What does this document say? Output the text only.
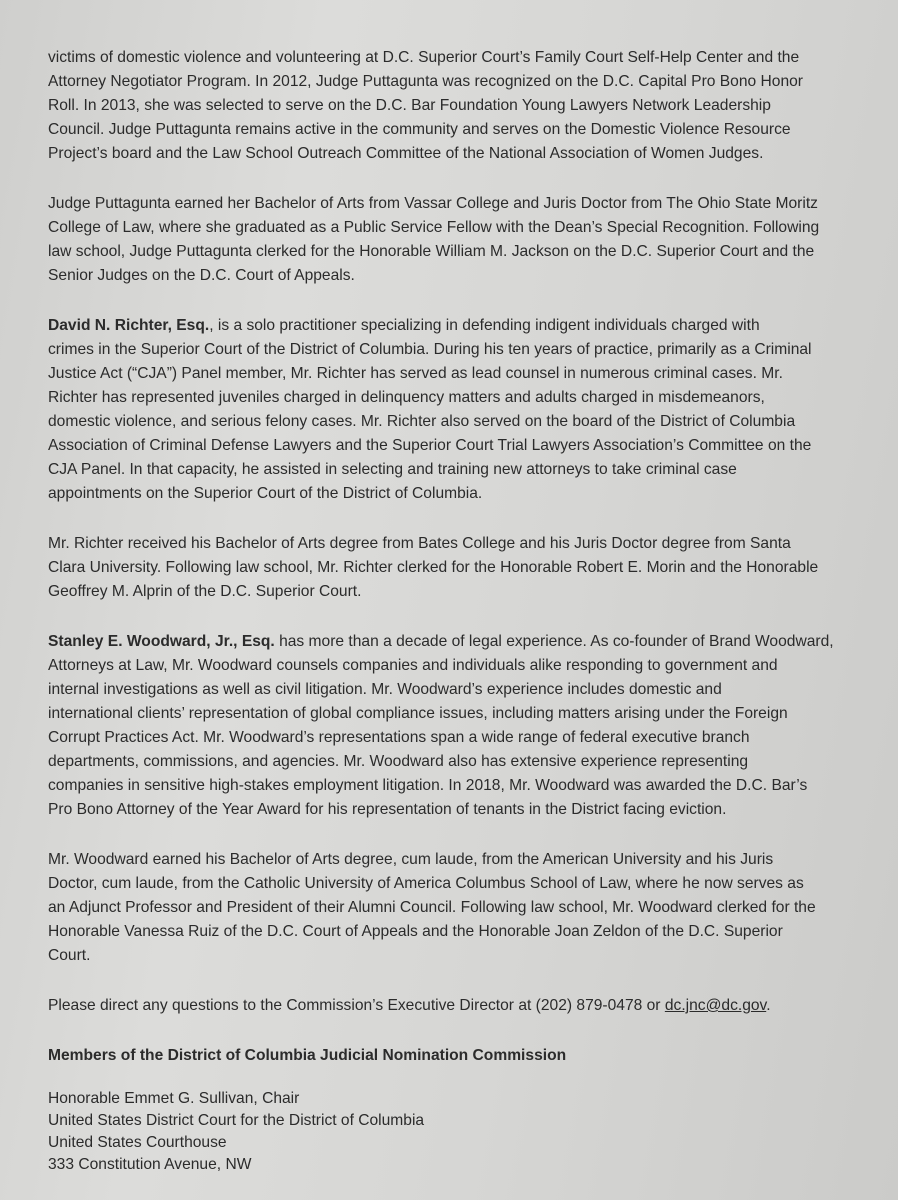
victims of domestic violence and volunteering at D.C. Superior Court’s Family Court Self-Help Center and the
Attorney Negotiator Program. In 2012, Judge Puttagunta was recognized on the D.C. Capital Pro Bono Honor
Roll. In 2013, she was selected to serve on the D.C. Bar Foundation Young Lawyers Network Leadership
Council. Judge Puttagunta remains active in the community and serves on the Domestic Violence Resource
Project’s board and the Law School Outreach Committee of the National Association of Women Judges.
Judge Puttagunta earned her Bachelor of Arts from Vassar College and Juris Doctor from The Ohio State Moritz
College of Law, where she graduated as a Public Service Fellow with the Dean’s Special Recognition. Following
law school, Judge Puttagunta clerked for the Honorable William M. Jackson on the D.C. Superior Court and the
Senior Judges on the D.C. Court of Appeals.
David N. Richter, Esq., is a solo practitioner specializing in defending indigent individuals charged with
crimes in the Superior Court of the District of Columbia. During his ten years of practice, primarily as a Criminal
Justice Act (“CJA”) Panel member, Mr. Richter has served as lead counsel in numerous criminal cases. Mr.
Richter has represented juveniles charged in delinquency matters and adults charged in misdemeanors,
domestic violence, and serious felony cases. Mr. Richter also served on the board of the District of Columbia
Association of Criminal Defense Lawyers and the Superior Court Trial Lawyers Association’s Committee on the
CJA Panel. In that capacity, he assisted in selecting and training new attorneys to take criminal case
appointments on the Superior Court of the District of Columbia.
Mr. Richter received his Bachelor of Arts degree from Bates College and his Juris Doctor degree from Santa
Clara University. Following law school, Mr. Richter clerked for the Honorable Robert E. Morin and the Honorable
Geoffrey M. Alprin of the D.C. Superior Court.
Stanley E. Woodward, Jr., Esq. has more than a decade of legal experience. As co-founder of Brand Woodward,
Attorneys at Law, Mr. Woodward counsels companies and individuals alike responding to government and
internal investigations as well as civil litigation. Mr. Woodward’s experience includes domestic and
international clients’ representation of global compliance issues, including matters arising under the Foreign
Corrupt Practices Act. Mr. Woodward’s representations span a wide range of federal executive branch
departments, commissions, and agencies. Mr. Woodward also has extensive experience representing
companies in sensitive high-stakes employment litigation. In 2018, Mr. Woodward was awarded the D.C. Bar’s
Pro Bono Attorney of the Year Award for his representation of tenants in the District facing eviction.
Mr. Woodward earned his Bachelor of Arts degree, cum laude, from the American University and his Juris
Doctor, cum laude, from the Catholic University of America Columbus School of Law, where he now serves as
an Adjunct Professor and President of their Alumni Council. Following law school, Mr. Woodward clerked for the
Honorable Vanessa Ruiz of the D.C. Court of Appeals and the Honorable Joan Zeldon of the D.C. Superior
Court.
Please direct any questions to the Commission’s Executive Director at (202) 879-0478 or dc.jnc@dc.gov.
Members of the District of Columbia Judicial Nomination Commission
Honorable Emmet G. Sullivan, Chair
United States District Court for the District of Columbia
United States Courthouse
333 Constitution Avenue, NW
